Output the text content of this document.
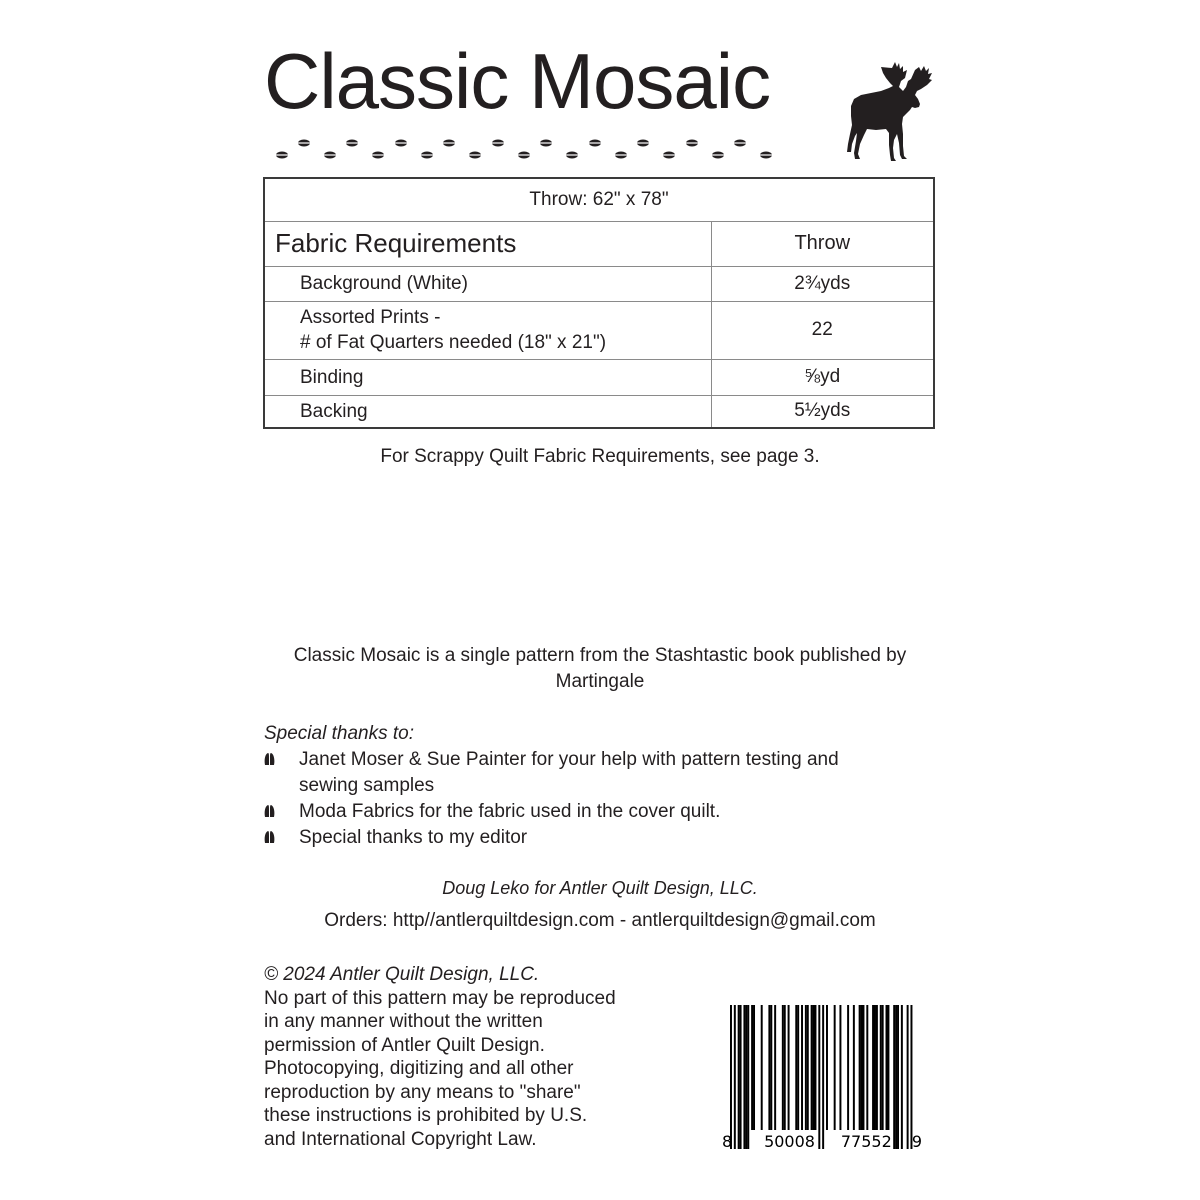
Classic Mosaic
Throw: 62" x 78"	
Fabric Requirements	Throw
Background (White)	2¾yds

Assorted Prints -
# of Fat Quarters needed (18" x 21")	22
Binding	⅝yd
Backing	5½yds
For Scrappy Quilt Fabric Requirements, see page 3.
Classic Mosaic is a single pattern from the Stashtastic book published by
Martingale
Special thanks to:
Janet Moser & Sue Painter for your help with pattern testing and
sewing samples
Moda Fabrics for the fabric used in the cover quilt.
Special thanks to my editor
Doug Leko for Antler Quilt Design, LLC.
Orders: http//antlerquiltdesign.com - antlerquiltdesign@gmail.com
© 2024 Antler Quilt Design, LLC.
No part of this pattern may be reproduced
in any manner without the written
permission of Antler Quilt Design.
Photocopying, digitizing and all other
reproduction by any means to "share"
these instructions is prohibited by U.S.
and International Copyright Law.	8 50008 77552 9
